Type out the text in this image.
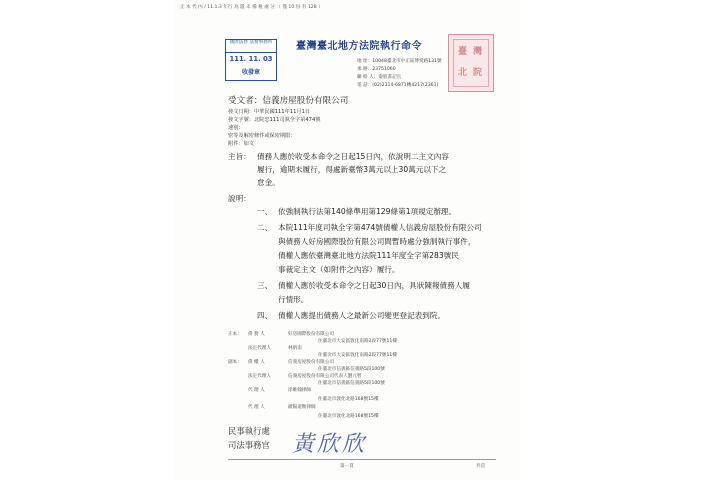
正 本 代 內 / 11.1.3 年行 為 隱 未 備 稅 處 分 （ 僅 10 份 有 128 ）
國際法務 法務事務所
111. 11. 03
收發章
臺灣臺北地方法院執行命令	臺 灣
北 院
地 址：10048臺北市中正區博愛路131號
承 辦：23751060
聯 絡 人：秦股書記官
電 話：(02)2314-6871轉4217(2361)
受文者：信義房屋股份有限公司
發文日期：中華民國111年11月1日
發文字號：北院忠111司執全字第474號
速別：
密等及解密條件或保密期限：
附件：如文
主旨： 債務人應於收受本命令之日起15日內，依說明二主文內容
履行，逾期未履行，得處新臺幣3萬元以上30萬元以下之
怠金。
說明：
一、 依強制執行法第140條準用第129條第1項規定辦理。
二、 本院111年度司執全字第474號債權人信義房屋股份有限公司
與債務人好房國際股份有限公司間暫時處分強制執行事件，
債權人應依臺灣臺北地方法院111年度全字第283號民
事裁定主文（如附件之內容）履行。
三、 債權人應於收受本命令之日起30日內，具狀陳報債務人履
行情形。
四、 債權人應提出債務人之最新公司變更登記表到院。
正本： 債 務 人	好房國際股份有限公司
住臺北市大安區敦化南路2段77號11樓
法定代理人	林炳南
住臺北市大安區敦化南路2段77號11樓
副本： 債 權 人	信義房屋股份有限公司
住臺北市信義區信義路5段100號
法定代理人	信義房屋股份有限公司代表人劉元智
住臺北市信義區信義路5段100號
代 理 人	徐維翰律師
住臺北市敦化北路168號15樓
代 理 人	歐陽道衡律師
住臺北市敦化北路168號15樓
民事執行處
司法事務官 黃欣欣
第一頁	共頁
